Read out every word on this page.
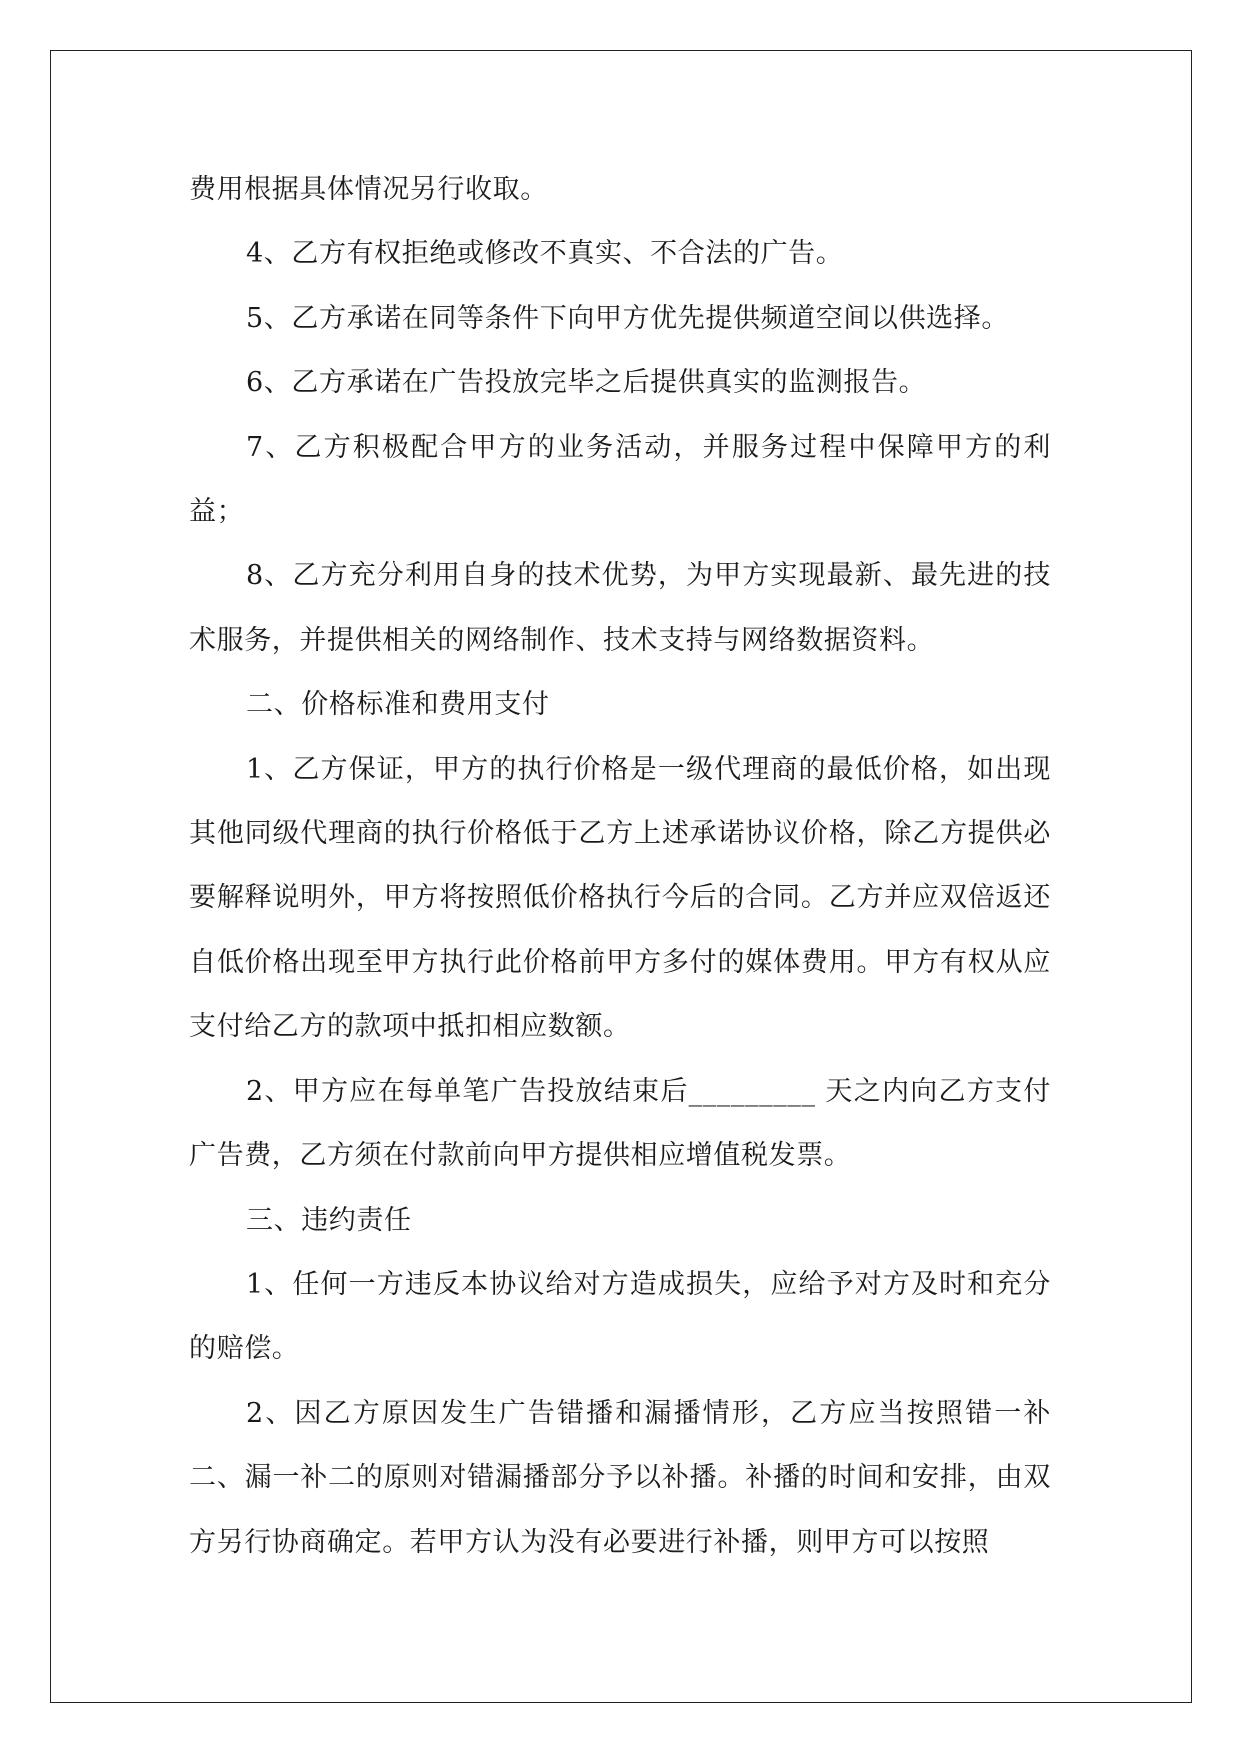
费用根据具体情况另行收取。

4、乙方有权拒绝或修改不真实、不合法的广告。

5、乙方承诺在同等条件下向甲方优先提供频道空间以供选择。

6、乙方承诺在广告投放完毕之后提供真实的监测报告。

7、乙方积极配合甲方的业务活动，并服务过程中保障甲方的利益；

8、乙方充分利用自身的技术优势，为甲方实现最新、最先进的技术服务，并提供相关的网络制作、技术支持与网络数据资料。

二、价格标准和费用支付

1、乙方保证，甲方的执行价格是一级代理商的最低价格，如出现其他同级代理商的执行价格低于乙方上述承诺协议价格，除乙方提供必要解释说明外，甲方将按照低价格执行今后的合同。乙方并应双倍返还自低价格出现至甲方执行此价格前甲方多付的媒体费用。甲方有权从应支付给乙方的款项中抵扣相应数额。

2、甲方应在每单笔广告投放结束后_________ 天之内向乙方支付广告费，乙方须在付款前向甲方提供相应增值税发票。

三、违约责任

1、任何一方违反本协议给对方造成损失，应给予对方及时和充分的赔偿。

2、因乙方原因发生广告错播和漏播情形，乙方应当按照错一补二、漏一补二的原则对错漏播部分予以补播。补播的时间和安排，由双方另行协商确定。若甲方认为没有必要进行补播，则甲方可以按照
